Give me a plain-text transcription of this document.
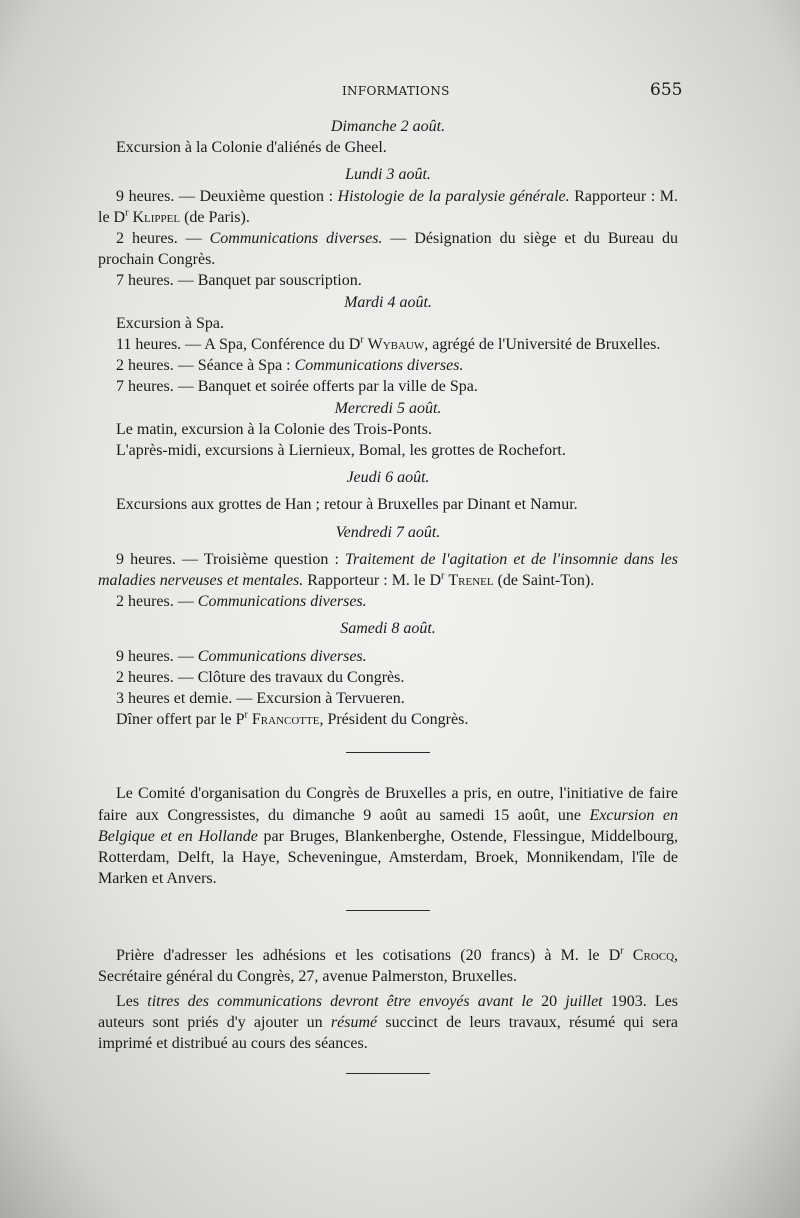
INFORMATIONS	655

Dimanche 2 août.

Excursion à la Colonie d'aliénés de Gheel.

Lundi 3 août.

9 heures. — Deuxième question : Histologie de la paralysie générale. Rapporteur : M. le $D^r$ Klippel (de Paris).

2 heures. — Communications diverses. — Désignation du siège et du Bureau du prochain Congrès.

7 heures. — Banquet par souscription.

Mardi 4 août.

Excursion à Spa.

11 heures. — A Spa, Conférence du $D^r$ Wybauw, agrégé de l'Université de Bruxelles.

2 heures. — Séance à Spa : Communications diverses.

7 heures. — Banquet et soirée offerts par la ville de Spa.

Mercredi 5 août.

Le matin, excursion à la Colonie des Trois-Ponts.

L'après-midi, excursions à Liernieux, Bomal, les grottes de Rochefort.

Jeudi 6 août.

Excursions aux grottes de Han ; retour à Bruxelles par Dinant et Namur.

Vendredi 7 août.

9 heures. — Troisième question : Traitement de l'agitation et de l'insomnie dans les maladies nerveuses et mentales. Rapporteur : M. le $D^r$ Trenel (de Saint-Ton).

2 heures. — Communications diverses.

Samedi 8 août.

9 heures. — Communications diverses.

2 heures. — Clôture des travaux du Congrès.

3 heures et demie. — Excursion à Tervueren.

Dîner offert par le $P^r$ Francotte, Président du Congrès.

Le Comité d'organisation du Congrès de Bruxelles a pris, en outre, l'initiative de faire faire aux Congressistes, du dimanche 9 août au samedi 15 août, une Excursion en Belgique et en Hollande par Bruges, Blankenberghe, Ostende, Flessingue, Middelbourg, Rotterdam, Delft, la Haye, Scheveningue, Amsterdam, Broek, Monnikendam, l'île de Marken et Anvers.

Prière d'adresser les adhésions et les cotisations (20 francs) à M. le $D^r$ Crocq, Secrétaire général du Congrès, 27, avenue Palmerston, Bruxelles.

Les titres des communications devront être envoyés avant le 20 juillet 1903. Les auteurs sont priés d'y ajouter un résumé succinct de leurs travaux, résumé qui sera imprimé et distribué au cours des séances.
